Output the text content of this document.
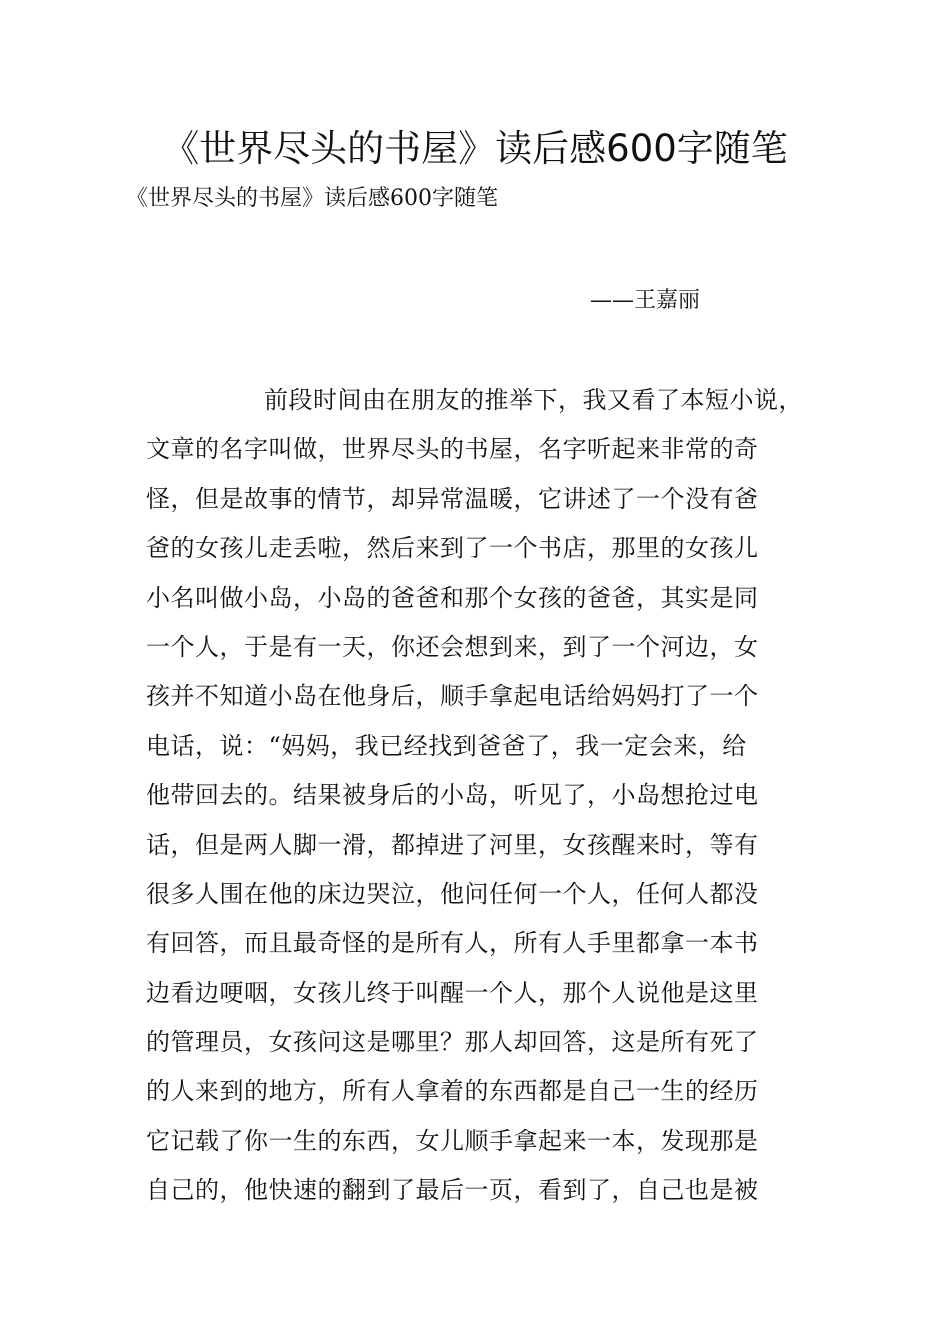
《世界尽头的书屋》读后感600字随笔

《世界尽头的书屋》读后感600字随笔

——王嘉丽

前段时间由在朋友的推举下，我又看了本短小说，
文章的名字叫做，世界尽头的书屋，名字听起来非常的奇
怪，但是故事的情节，却异常温暖，它讲述了一个没有爸
爸的女孩儿走丢啦，然后来到了一个书店，那里的女孩儿
小名叫做小岛，小岛的爸爸和那个女孩的爸爸，其实是同
一个人，于是有一天，你还会想到来，到了一个河边，女
孩并不知道小岛在他身后，顺手拿起电话给妈妈打了一个
电话，说：“妈妈，我已经找到爸爸了，我一定会来，给
他带回去的。结果被身后的小岛，听见了，小岛想抢过电
话，但是两人脚一滑，都掉进了河里，女孩醒来时，等有
很多人围在他的床边哭泣，他问任何一个人，任何人都没
有回答，而且最奇怪的是所有人，所有人手里都拿一本书
边看边哽咽，女孩儿终于叫醒一个人，那个人说他是这里
的管理员，女孩问这是哪里？那人却回答，这是所有死了
的人来到的地方，所有人拿着的东西都是自己一生的经历
它记载了你一生的东西，女儿顺手拿起来一本，发现那是
自己的，他快速的翻到了最后一页，看到了，自己也是被
